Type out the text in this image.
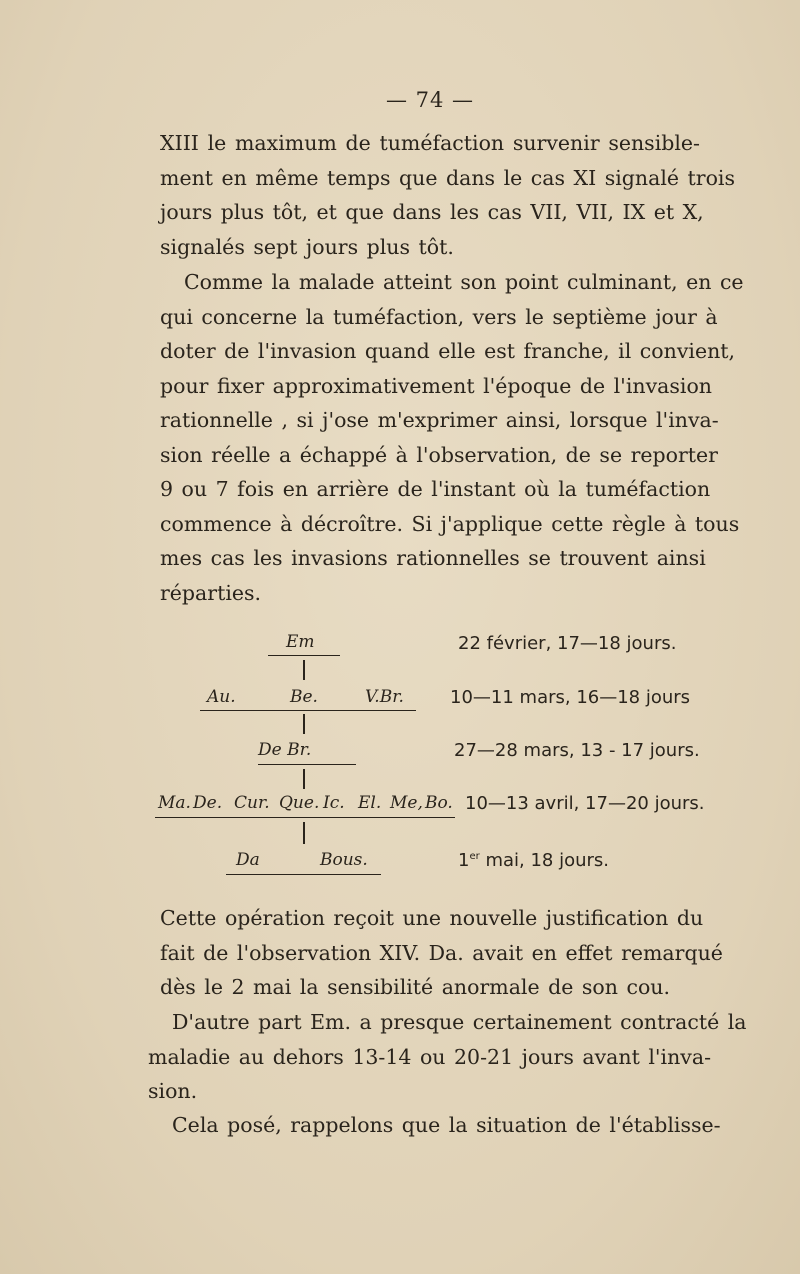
— 74 —
XIII le maximum de tuméfaction survenir sensible-
ment en même temps que dans le cas XI signalé trois
jours plus tôt, et que dans les cas VII, VII, IX et X,
signalés sept jours plus tôt.
Comme la malade atteint son point culminant, en ce
qui concerne la tuméfaction, vers le septième jour à
doter de l'invasion quand elle est franche, il convient,
pour fixer approximativement l'époque de l'invasion
rationnelle , si j'ose m'exprimer ainsi, lorsque l'inva-
sion réelle a échappé à l'observation, de se reporter
9 ou 7 fois en arrière de l'instant où la tuméfaction
commence à décroître. Si j'applique cette règle à tous
mes cas les invasions rationnelles se trouvent ainsi
réparties.
Em	22 février, 17—18 jours.
Au.	Be.	V.Br.	10—11 mars, 16—18 jours
De Br.	27—28 mars, 13 - 17 jours.
Ma. De. Cur. Que. Ic. El. Me, Bo. 10—13 avril, 17—20 jours.
Da	Bous.	1er mai, 18 jours.
Cette opération reçoit une nouvelle justification du
fait de l'observation XIV. Da. avait en effet remarqué
dès le 2 mai la sensibilité anormale de son cou.
D'autre part Em. a presque certainement contracté la
maladie au dehors 13-14 ou 20-21 jours avant l'inva-
sion.
Cela posé, rappelons que la situation de l'établisse-
